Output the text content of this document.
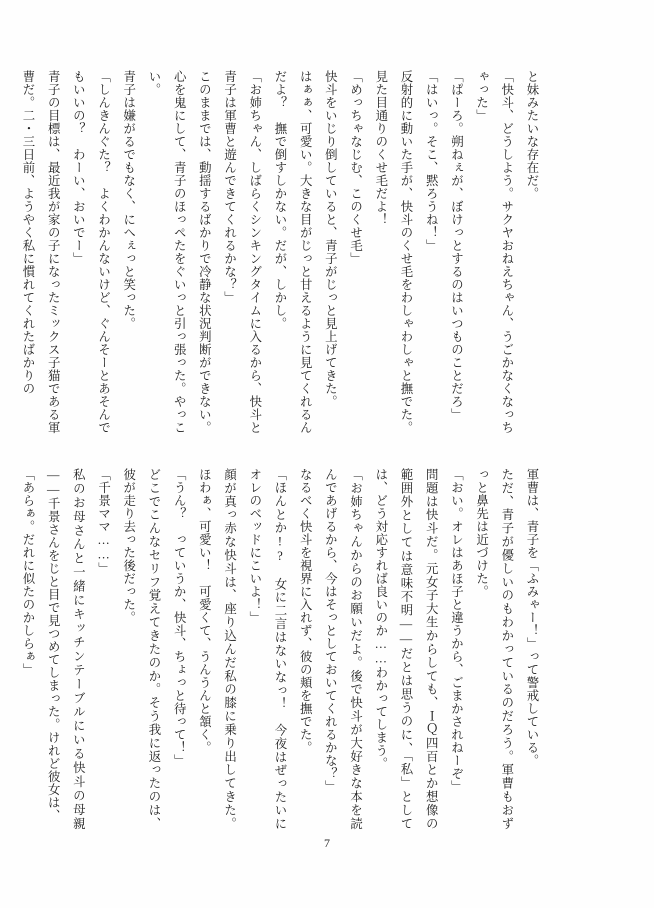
と妹みたいな存在だ。

「快斗、どうしよう。サクヤおねえちゃん、うごかなくなっちゃった」

「ぱーろ。朔ねぇが、ぼけっとするのはいつものことだろ」

「はいっ。そこ、黙ろうね！」

反射的に動いた手が、快斗のくせ毛をわしゃわしゃと撫でた。見た目通りのくせ毛だよ！

「めっちゃなじむ、このくせ毛」

快斗をいじり倒していると、青子がじっと見上げてきた。

はぁぁ、可愛い。大きな目がじっと甘えるように見てくれるんだよ？　撫で倒すしかない。だが、しかし。

「お姉ちゃん、しばらくシンキングタイムに入るから、快斗と青子は軍曹と遊んできてくれるかな？」

このままでは、動揺するばかりで冷静な状況判断ができない。心を鬼にして、青子のほっぺたをぐいっと引っ張った。やっこい。

青子は嫌がるでもなく、にへぇっと笑った。

「しんきんぐた？　よくわかんないけど、ぐんそーとあそんでもいいの？　わーい、おいでー」

青子の目標は、最近我が家の子になったミックス子猫である軍曹だ。二・三日前、ようやく私に慣れてくれたばかりの

軍曹は、青子を「ふみゃー！」って警戒している。

ただ、青子が優しいのもわかっているのだろう。軍曹もおずっと鼻先は近づけた。

「おい。オレはあほ子と違うから、ごまかされねーぞ」

問題は快斗だ。元女子大生からしても、ＩＱ四百とか想像の範囲外としては意味不明——だとは思うのに、「私」としては、どう対応すれば良いのか……わかってしまう。

「お姉ちゃんからのお願いだよ。後で快斗が大好きな本を読んであげるから、今はそっとしておいてくれるかな？」

なるべく快斗を視界に入れず、彼の頬を撫でた。

「ほんとか!?　女に二言はないなっ！　今夜はぜったいにオレのベッドにこいよ！」

顔が真っ赤な快斗は、座り込んだ私の膝に乗り出してきた。ほわぁ、可愛い！　可愛くて、うんうんと頷く。

「うん？　っていうか、快斗、ちょっと待って！」

どこでこんなセリフ覚えてきたのか。そう我に返ったのは、彼が走り去った後だった。

「千景ママ……」

私のお母さんと一緒にキッチンテーブルにいる快斗の母親——千景さんをじと目で見つめてしまった。けれど彼女は、

「あらぁ。だれに似たのかしらぁ」

7
